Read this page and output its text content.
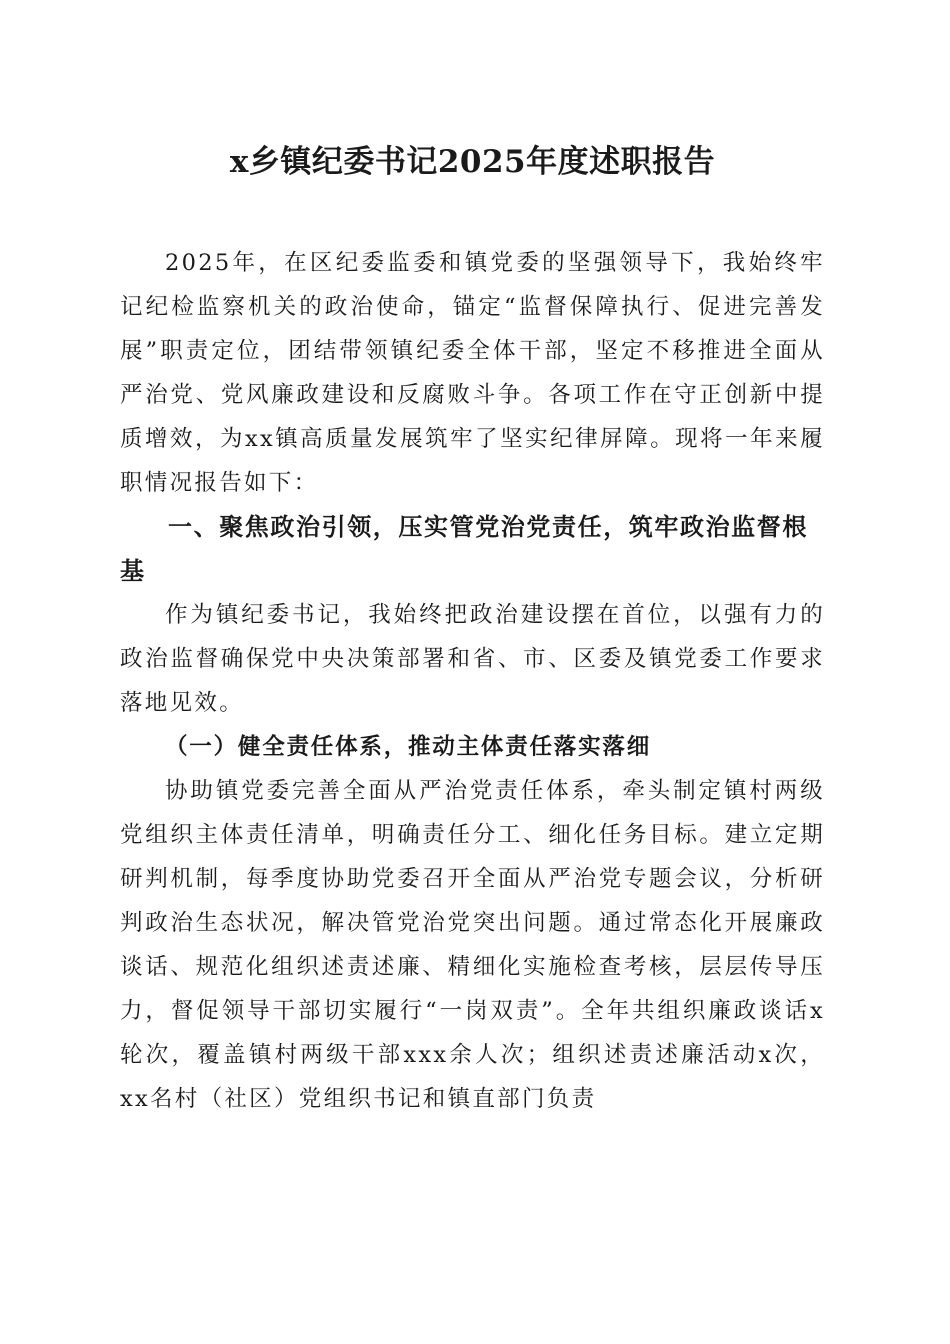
x乡镇纪委书记2025年度述职报告

2025年，在区纪委监委和镇党委的坚强领导下，我始终牢记纪检监察机关的政治使命，锚定“监督保障执行、促进完善发展”职责定位，团结带领镇纪委全体干部，坚定不移推进全面从严治党、党风廉政建设和反腐败斗争。各项工作在守正创新中提质增效，为xx镇高质量发展筑牢了坚实纪律屏障。现将一年来履职情况报告如下：

一、聚焦政治引领，压实管党治党责任，筑牢政治监督根基

作为镇纪委书记，我始终把政治建设摆在首位，以强有力的政治监督确保党中央决策部署和省、市、区委及镇党委工作要求落地见效。

（一）健全责任体系，推动主体责任落实落细

协助镇党委完善全面从严治党责任体系，牵头制定镇村两级党组织主体责任清单，明确责任分工、细化任务目标。建立定期研判机制，每季度协助党委召开全面从严治党专题会议，分析研判政治生态状况，解决管党治党突出问题。通过常态化开展廉政谈话、规范化组织述责述廉、精细化实施检查考核，层层传导压力，督促领导干部切实履行“一岗双责”。全年共组织廉政谈话x轮次，覆盖镇村两级干部xxx余人次；组织述责述廉活动x次，xx名村（社区）党组织书记和镇直部门负责
